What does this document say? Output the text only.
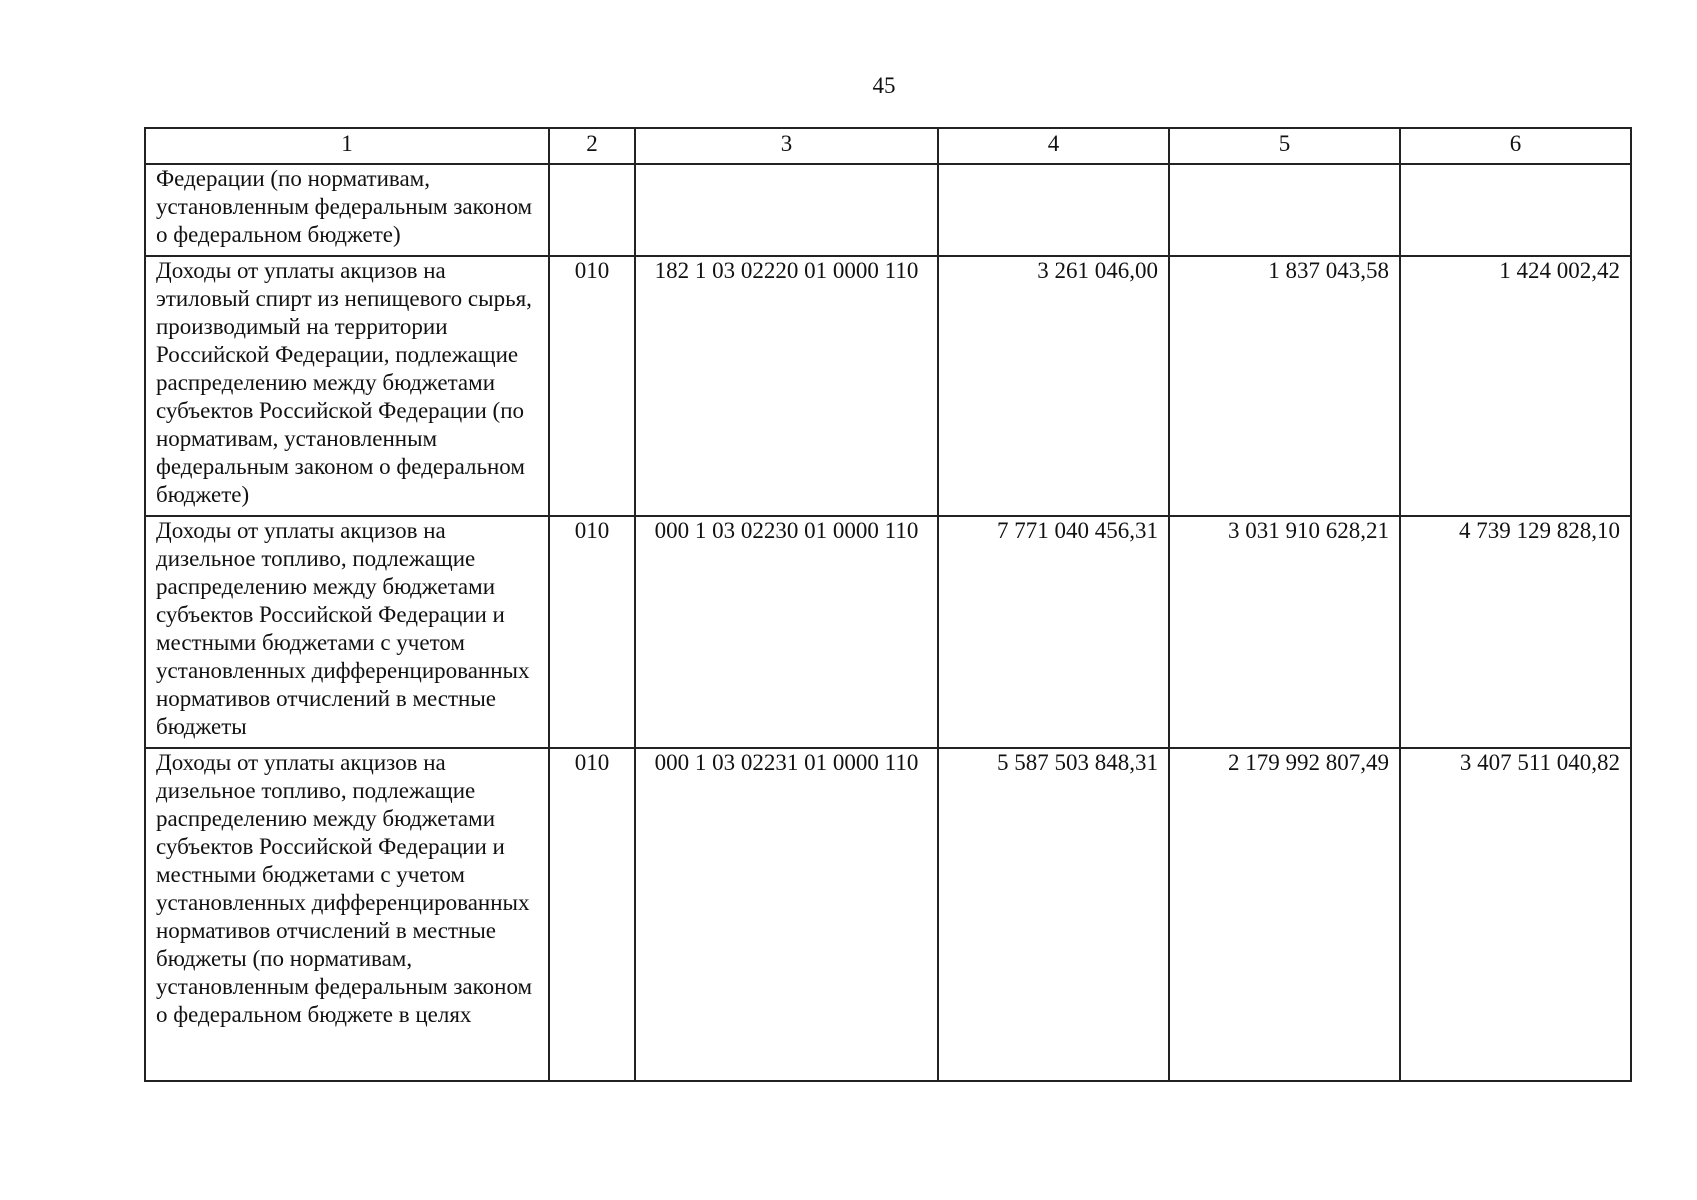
45
1	2	3	4	5	6
Федерации (по нормативам, установленным федеральным законом о федеральном бюджете)					
Доходы от уплаты акцизов на этиловый спирт из непищевого сырья, производимый на территории Российской Федерации, подлежащие распределению между бюджетами субъектов Российской Федерации (по нормативам, установленным федеральным законом о федеральном бюджете)	010	182 1 03 02220 01 0000 110	3 261 046,00	1 837 043,58	1 424 002,42
Доходы от уплаты акцизов на дизельное топливо, подлежащие распределению между бюджетами субъектов Российской Федерации и местными бюджетами с учетом установленных дифференцированных нормативов отчислений в местные бюджеты	010	000 1 03 02230 01 0000 110	7 771 040 456,31	3 031 910 628,21	4 739 129 828,10
Доходы от уплаты акцизов на дизельное топливо, подлежащие распределению между бюджетами субъектов Российской Федерации и местными бюджетами с учетом установленных дифференцированных нормативов отчислений в местные бюджеты (по нормативам, установленным федеральным законом о федеральном бюджете в целях	010	000 1 03 02231 01 0000 110	5 587 503 848,31	2 179 992 807,49	3 407 511 040,82
